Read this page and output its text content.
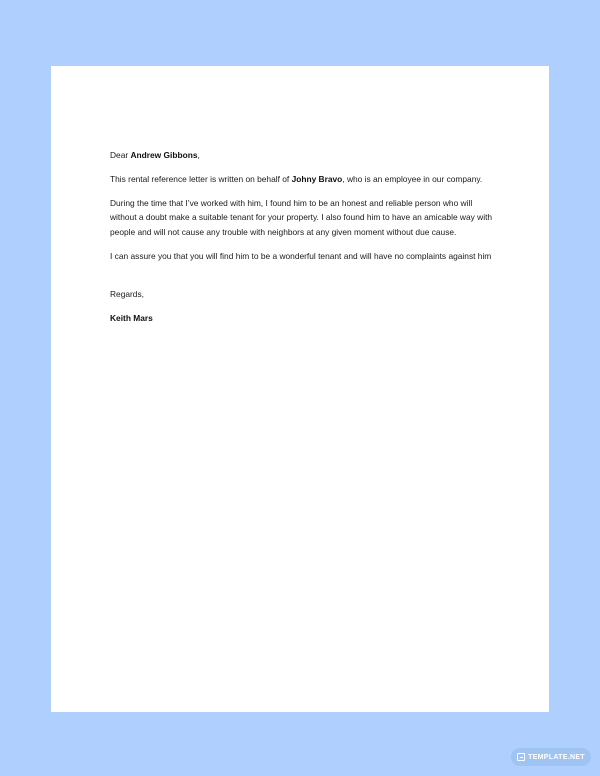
Dear Andrew Gibbons,

This rental reference letter is written on behalf of Johny Bravo, who is an employee in our company.

During the time that I’ve worked with him, I found him to be an honest and reliable person who will without a doubt make a suitable tenant for your property. I also found him to have an amicable way with people and will not cause any trouble with neighbors at any given moment without due cause.

I can assure you that you will find him to be a wonderful tenant and will have no complaints against him

Regards,

Keith Mars

TEMPLATE.NET
